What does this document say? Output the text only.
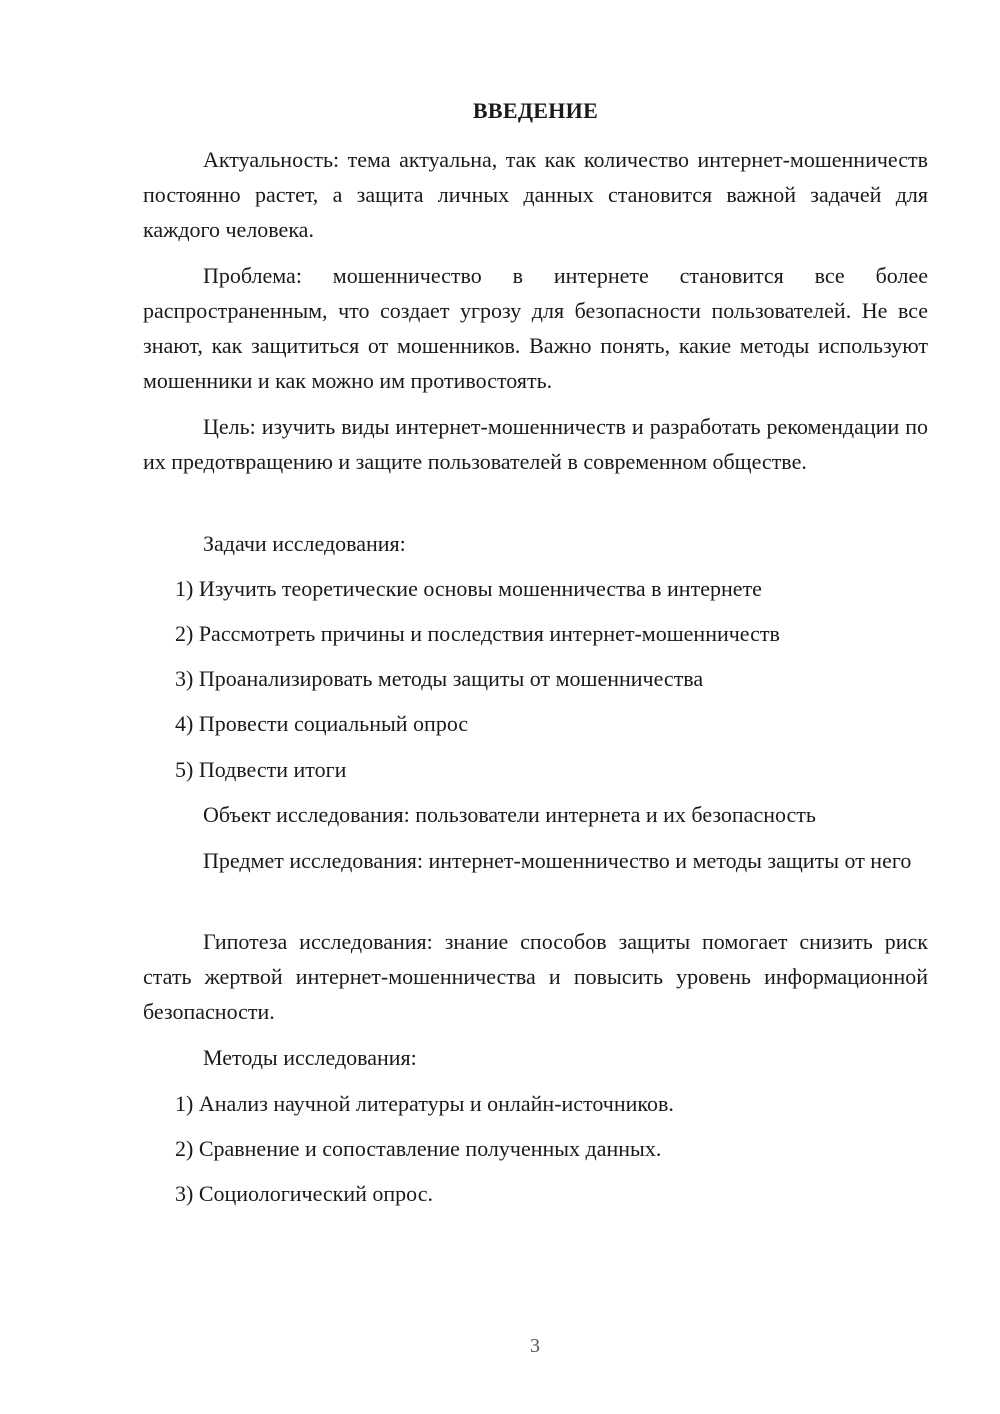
ВВЕДЕНИЕ

Актуальность: тема актуальна, так как количество интернет-мошенничеств постоянно растет, а защита личных данных становится важной задачей для каждого человека.

Проблема: мошенничество в интернете становится все более распространенным, что создает угрозу для безопасности пользователей. Не все знают, как защититься от мошенников. Важно понять, какие методы используют мошенники и как можно им противостоять.

Цель: изучить виды интернет-мошенничеств и разработать рекомендации по их предотвращению и защите пользователей в современном обществе.

Задачи исследования:

1) Изучить теоретические основы мошенничества в интернете

2) Рассмотреть причины и последствия интернет-мошенничеств

3) Проанализировать методы защиты от мошенничества

4) Провести социальный опрос

5) Подвести итоги

Объект исследования: пользователи интернета и их безопасность

Предмет исследования: интернет-мошенничество и методы защиты от него

Гипотеза исследования: знание способов защиты помогает снизить риск стать жертвой интернет-мошенничества и повысить уровень информационной безопасности.

Методы исследования:

1) Анализ научной литературы и онлайн-источников.

2) Сравнение и сопоставление полученных данных.

3) Социологический опрос.

3
